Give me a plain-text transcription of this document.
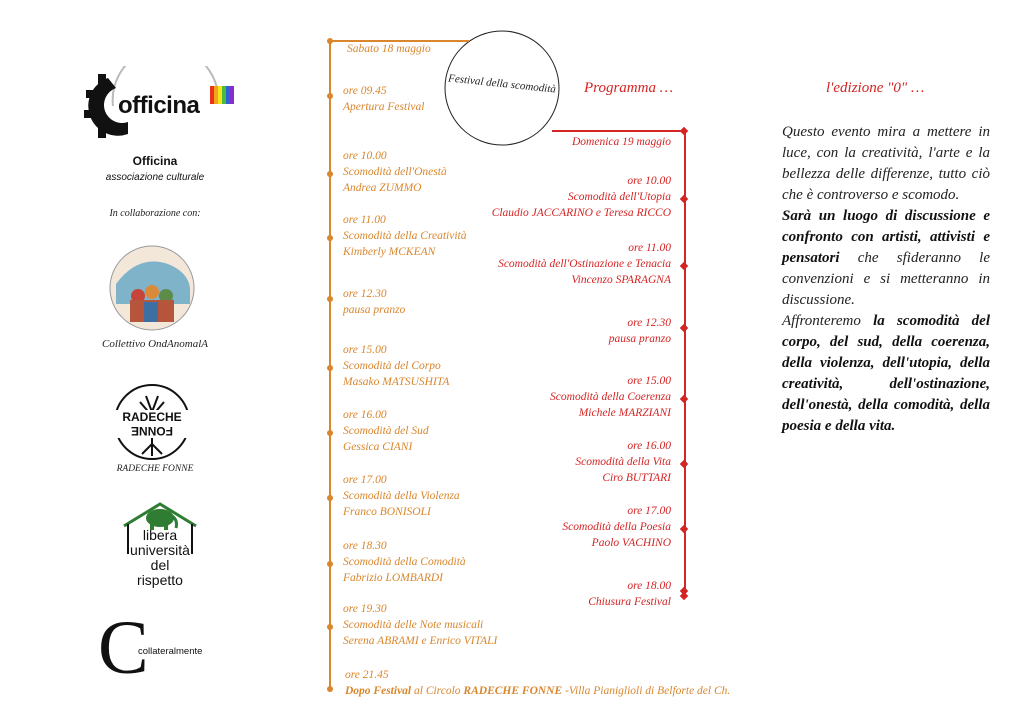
officina
Officina
associazione culturale
In collaborazione con:
Collettivo OndAnomalA
RADECHE
FONNE
RADECHE FONNE
libera
università
del
rispetto
C
collateralmente
Festival della scomodità Programma …	l'edizione "0" …
Sabato 18 maggio
ore 09.45
Apertura Festival
ore 10.00
Scomodità dell'Onestà
Andrea ZUMMO
ore 11.00
Scomodità della Creatività
Kimberly MCKEAN
ore 12.30
pausa pranzo
ore 15.00
Scomodità del Corpo
Masako MATSUSHITA
ore 16.00
Scomodità del Sud
Gessica CIANI
ore 17.00
Scomodità della Violenza
Franco BONISOLI
ore 18.30
Scomodità della Comodità
Fabrizio LOMBARDI
ore 19.30
Scomodità delle Note musicali
Serena ABRAMI e Enrico VITALI
ore 21.45
Dopo Festival al Circolo RADECHE FONNE -Villa Pianiglioli di Belforte del Ch.
Domenica 19 maggio
ore 10.00
Scomodità dell'Utopia
Claudio JACCARINO e Teresa RICCO
ore 11.00
Scomodità dell'Ostinazione e Tenacia
Vincenzo SPARAGNA
ore 12.30
pausa pranzo
ore 15.00
Scomodità della Coerenza
Michele MARZIANI
ore 16.00
Scomodità della Vita
Ciro BUTTARI
ore 17.00
Scomodità della Poesia
Paolo VACHINO
ore 18.00
Chiusura Festival
Questo evento mira a mettere in luce, con la creatività, l'arte e la bellezza delle differenze, tutto ciò che è controverso e scomodo.
Sarà un luogo di discussione e confronto con artisti, attivisti e pensatori che sfideranno le convenzioni e si metteranno in discussione.
Affronteremo la scomodità del corpo, del sud, della coerenza, della violenza, dell'utopia, della creatività, dell'ostinazione, dell'onestà, della comodità, della poesia e della vita.
